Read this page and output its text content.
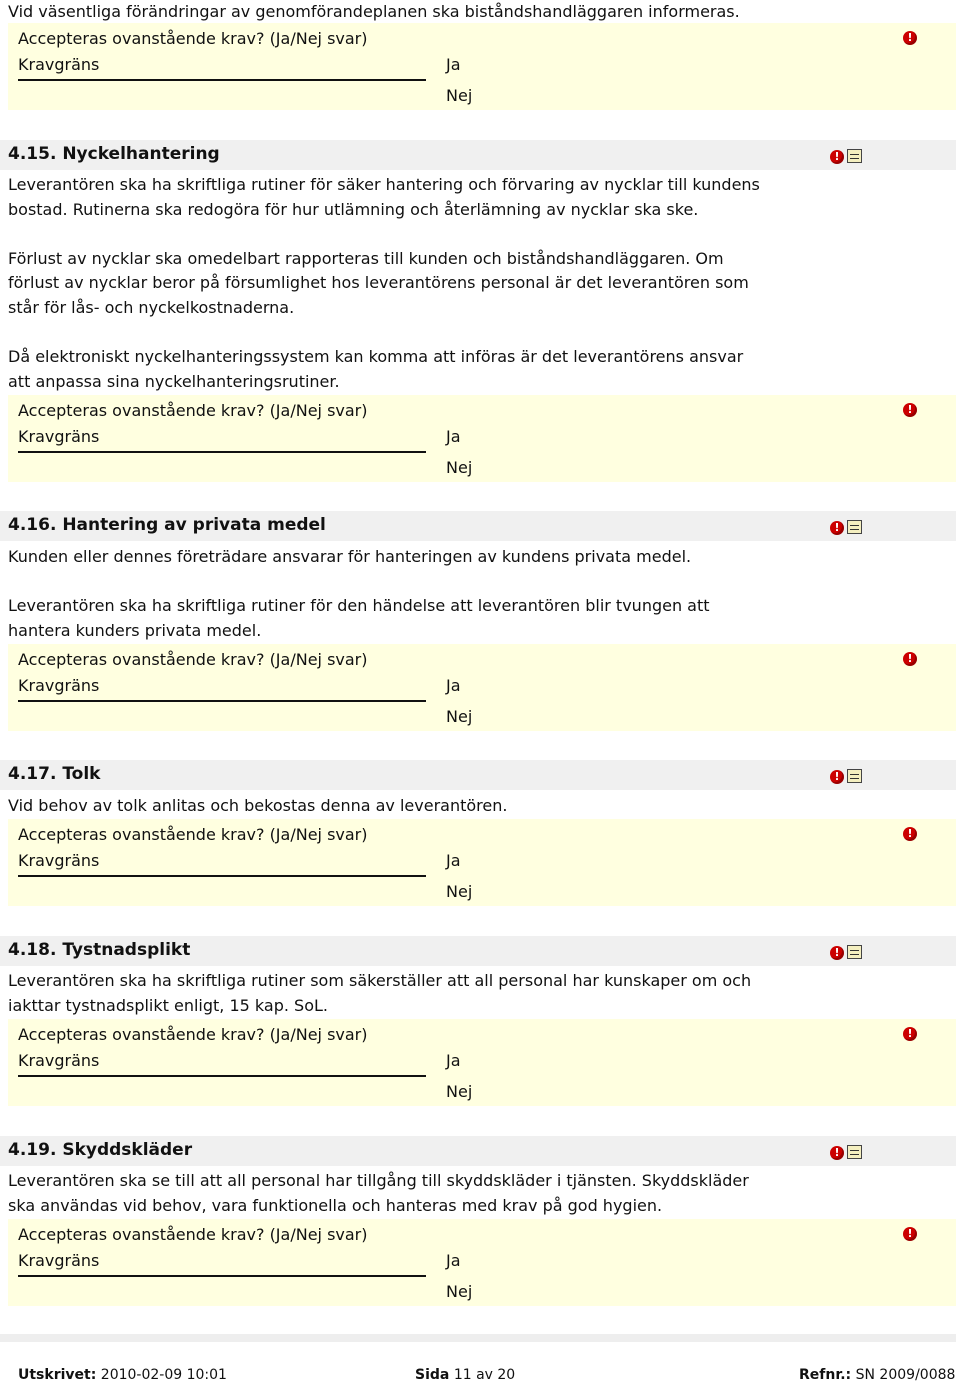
Vid väsentliga förändringar av genomförandeplanen ska biståndshandläggaren informeras.
Accepteras ovanstående krav? (Ja/Nej svar)
Kravgräns	Ja
Nej
!
4.15. Nyckelhantering	!
Leverantören ska ha skriftliga rutiner för säker hantering och förvaring av nycklar till kundens
bostad. Rutinerna ska redogöra för hur utlämning och återlämning av nycklar ska ske.
Förlust av nycklar ska omedelbart rapporteras till kunden och biståndshandläggaren. Om
förlust av nycklar beror på försumlighet hos leverantörens personal är det leverantören som
står för lås- och nyckelkostnaderna.
Då elektroniskt nyckelhanteringssystem kan komma att införas är det leverantörens ansvar
att anpassa sina nyckelhanteringsrutiner.
Accepteras ovanstående krav? (Ja/Nej svar)
Kravgräns	Ja
Nej
!
4.16. Hantering av privata medel	!
Kunden eller dennes företrädare ansvarar för hanteringen av kundens privata medel.
Leverantören ska ha skriftliga rutiner för den händelse att leverantören blir tvungen att
hantera kunders privata medel.
Accepteras ovanstående krav? (Ja/Nej svar)
Kravgräns	Ja
Nej
!
4.17. Tolk	!
Vid behov av tolk anlitas och bekostas denna av leverantören.
Accepteras ovanstående krav? (Ja/Nej svar)
Kravgräns	Ja
Nej
!
4.18. Tystnadsplikt	!
Leverantören ska ha skriftliga rutiner som säkerställer att all personal har kunskaper om och
iakttar tystnadsplikt enligt, 15 kap. SoL.
Accepteras ovanstående krav? (Ja/Nej svar)
Kravgräns	Ja
Nej
!
4.19. Skyddskläder	!
Leverantören ska se till att all personal har tillgång till skyddskläder i tjänsten. Skyddskläder
ska användas vid behov, vara funktionella och hanteras med krav på god hygien.
Accepteras ovanstående krav? (Ja/Nej svar)
Kravgräns	Ja
Nej
!
Utskrivet: 2010-02-09 10:01	Sida 11 av 20	Refnr.: SN 2009/0088
